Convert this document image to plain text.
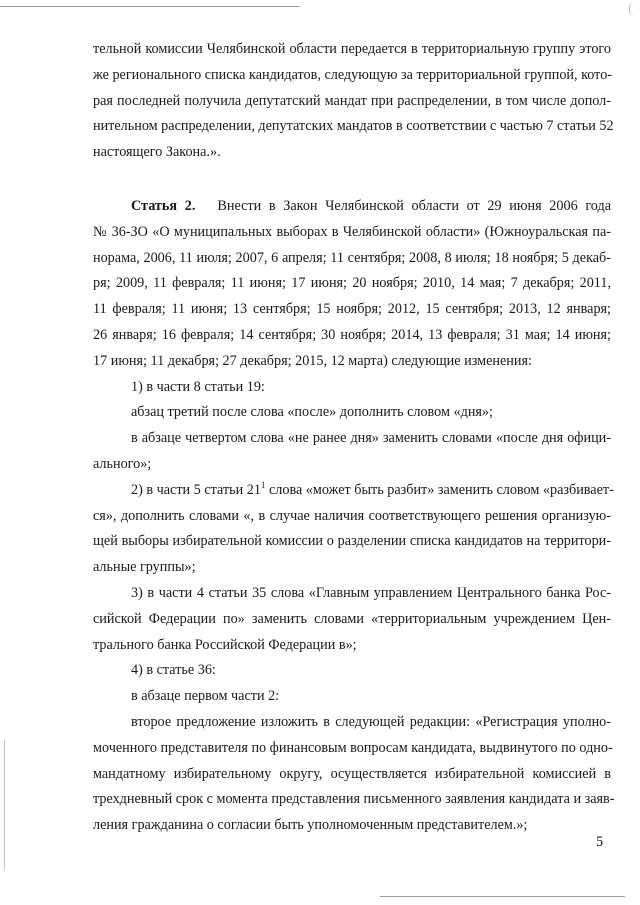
тельной комиссии Челябинской области передается в территориальную группу этого
же регионального списка кандидатов, следующую за территориальной группой, кото-
рая последней получила депутатский мандат при распределении, в том числе допол-
нительном распределении, депутатских мандатов в соответствии с частью 7 статьи 52
настоящего Закона.».
Статья 2. Внести в Закон Челябинской области от 29 июня 2006 года
№ 36-ЗО «О муниципальных выборах в Челябинской области» (Южноуральская па-
норама, 2006, 11 июля; 2007, 6 апреля; 11 сентября; 2008, 8 июля; 18 ноября; 5 декаб-
ря; 2009, 11 февраля; 11 июня; 17 июня; 20 ноября; 2010, 14 мая; 7 декабря; 2011,
11 февраля; 11 июня; 13 сентября; 15 ноября; 2012, 15 сентября; 2013, 12 января;
26 января; 16 февраля; 14 сентября; 30 ноября; 2014, 13 февраля; 31 мая; 14 июня;
17 июня; 11 декабря; 27 декабря; 2015, 12 марта) следующие изменения:
1) в части 8 статьи 19:
абзац третий после слова «после» дополнить словом «дня»;
в абзаце четвертом слова «не ранее дня» заменить словами «после дня офици-
ального»;
2) в части 5 статьи $21^1$ слова «может быть разбит» заменить словом «разбивает-
ся», дополнить словами «, в случае наличия соответствующего решения организую-
щей выборы избирательной комиссии о разделении списка кандидатов на территори-
альные группы»;
3) в части 4 статьи 35 слова «Главным управлением Центрального банка Рос-
сийской Федерации по» заменить словами «территориальным учреждением Цен-
трального банка Российской Федерации в»;
4) в статье 36:
в абзаце первом части 2:
второе предложение изложить в следующей редакции: «Регистрация уполно-
моченного представителя по финансовым вопросам кандидата, выдвинутого по одно-
мандатному избирательному округу, осуществляется избирательной комиссией в
трехдневный срок с момента представления письменного заявления кандидата и заяв-
ления гражданина о согласии быть уполномоченным представителем.»;
5
